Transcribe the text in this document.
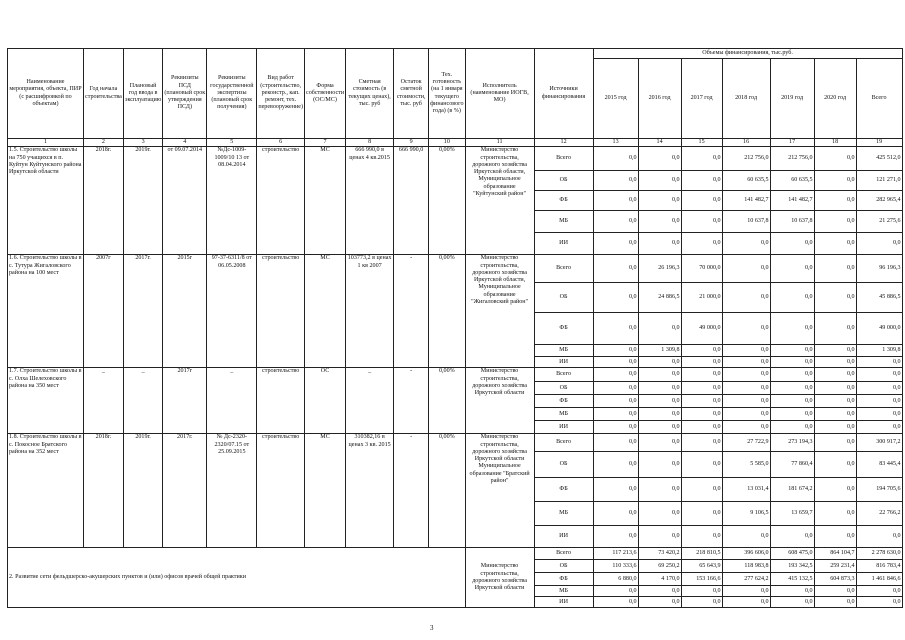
Наименование мероприятия, объекта, ПИР (с расшифровкой по объектам)	Год начала строительства	Плановый год ввода в эксплуатацию	Реквизиты ПСД (плановый срок утверждения ПСД)	Реквизиты государственной экспертизы (плановый срок получения)	Вид работ (строительство, реконстр., кап. ремонт, тех. перевооружение)	Форма собственности (ОС/МС)	Сметная стоимость (в текущих ценах), тыс. руб	Остаток сметной стоимости, тыс. руб	Тех. готовность (на 1 января текущего финансового года) (в %)	Исполнитель (наименование ИОГВ, МО)	Источники финансирования	Объемы финансирования, тыс.руб.						
												2015 год	2016 год	2017 год	2018 год	2019 год	2020 год	Всего
1	2	3	4	5	6	7	8	9	10	11	12	13	14	15	16	17	18	19
1.5. Строительство школы на 750 учащихся в п. Куйтун Куйтунского района Иркутской области	2018г.	2019г.	от 09.07.2014	№Дс-1009-1009/10 13 от 08.04.2014	строительство	МС	666 990,0 в ценах 4 кв.2015	666 990,0	0,00%	Министерство строительства, дорожного хозяйства Иркутской области, Муниципальное образование "Куйтунский район"	Всего	0,0	0,0	0,0	212 756,0	212 756,0	0,0	425 512,0
											ОБ	0,0	0,0	0,0	60 635,5	60 635,5	0,0	121 271,0
											ФБ	0,0	0,0	0,0	141 482,7	141 482,7	0,0	282 965,4
											МБ	0,0	0,0	0,0	10 637,8	10 637,8	0,0	21 275,6
											ИИ	0,0	0,0	0,0	0,0	0,0	0,0	0,0
1.6. Строительство школы в с. Тутура Жигаловского района на 100 мест	2007г	2017г.	2015г	97-37-6311/8 от 06.05.2008	строительство	МС	103773,2 в ценах 1 кв 2007	-	0,00%	Министерство строительства, дорожного хозяйства Иркутской области, Муниципальное образование "Жигаловский район"	Всего	0,0	26 196,3	70 000,0	0,0	0,0	0,0	96 196,3
											ОБ	0,0	24 886,5	21 000,0	0,0	0,0	0,0	45 886,5
											ФБ	0,0	0,0	49 000,0	0,0	0,0	0,0	49 000,0
											МБ	0,0	1 309,8	0,0	0,0	0,0	0,0	1 309,8
											ИИ	0,0	0,0	0,0	0,0	0,0	0,0	0,0
1.7. Строительство школы в с. Олха Шелеховского района на 350 мест	_	_	2017г	_	строительство	ОС	_	-	0,00%	Министерство строительства, дорожного хозяйства Иркутской области	Всего	0,0	0,0	0,0	0,0	0,0	0,0	0,0
											ОБ	0,0	0,0	0,0	0,0	0,0	0,0	0,0
											ФБ	0,0	0,0	0,0	0,0	0,0	0,0	0,0
											МБ	0,0	0,0	0,0	0,0	0,0	0,0	0,0
											ИИ	0,0	0,0	0,0	0,0	0,0	0,0	0,0
1.8. Строительство школы в с. Покосное Братского района на 352 мест	2018г.	2019г.	2017г.	№ Дс-2320-2320/07.15 от 25.09.2015	строительство	МС	310382,16 в ценах 3 кв. 2015	-	0,00%	Министерство строительства, дорожного хозяйства Иркутской области Муниципальное образование "Братский район"	Всего	0,0	0,0	0,0	27 722,9	273 194,3	0,0	300 917,2
											ОБ	0,0	0,0	0,0	5 585,0	77 860,4	0,0	83 445,4
											ФБ	0,0	0,0	0,0	13 031,4	181 674,2	0,0	194 705,6
											МБ	0,0	0,0	0,0	9 106,5	13 659,7	0,0	22 766,2
											ИИ	0,0	0,0	0,0	0,0	0,0	0,0	0,0
2. Развитие сети фельдшерско-акушерских пунктов и (или) офисов врачей общей практики										Министерство строительства, дорожного хозяйства Иркутской области	Всего	117 213,6	73 420,2	218 810,5	396 606,0	608 475,0	864 104,7	2 278 630,0
											ОБ	110 333,6	69 250,2	65 643,9	118 983,8	193 342,5	259 231,4	816 783,4
											ФБ	6 880,0	4 170,0	153 166,6	277 624,2	415 132,5	604 873,3	1 461 846,6
											МБ	0,0	0,0	0,0	0,0	0,0	0,0	0,0
											ИИ	0,0	0,0	0,0	0,0	0,0	0,0	0,0
3
